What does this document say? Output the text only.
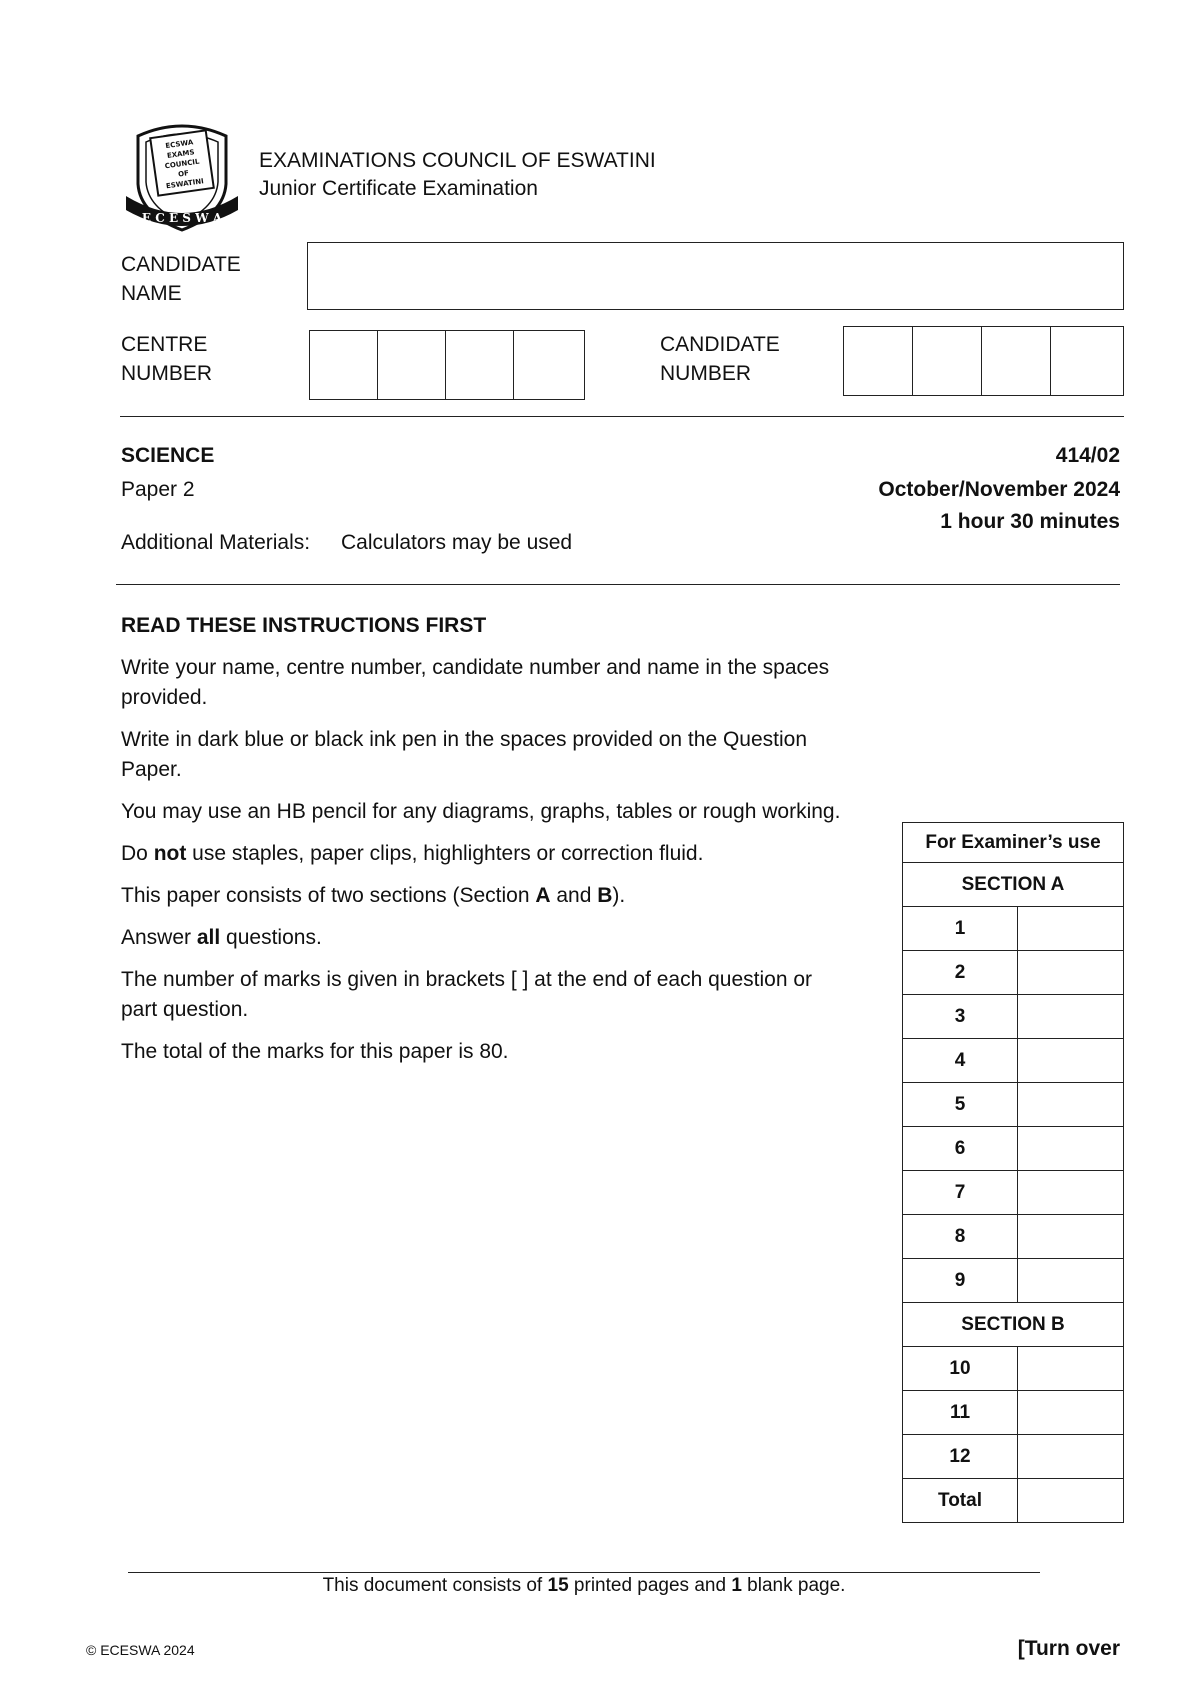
ECSWA
EXAMS
COUNCIL
OF
ESWATINI
E C E S W A
EXAMINATIONS COUNCIL OF ESWATINI
Junior Certificate Examination
CANDIDATE
NAME
CENTRE
NUMBER
CANDIDATE
NUMBER
SCIENCE	414/02
Paper 2	October/November 2024
1 hour 30 minutes
Additional Materials: Calculators may be used

READ THESE INSTRUCTIONS FIRST

Write your name, centre number, candidate number and name in the spaces

provided.

Write in dark blue or black ink pen in the spaces provided on the Question

Paper.

You may use an HB pencil for any diagrams, graphs, tables or rough working.

Do not use staples, paper clips, highlighters or correction fluid.

This paper consists of two sections (Section A and B).

Answer all questions.

The number of marks is given in brackets [ ] at the end of each question or

part question.

The total of the marks for this paper is 80.

For Examiner’s use	
SECTION A	
1	
2	
3	
4	
5	
6	
7	
8	
9	
SECTION B	
10	
11	
12	
Total	
This document consists of 15 printed pages and 1 blank page.
© ECESWA 2024	[Turn over
